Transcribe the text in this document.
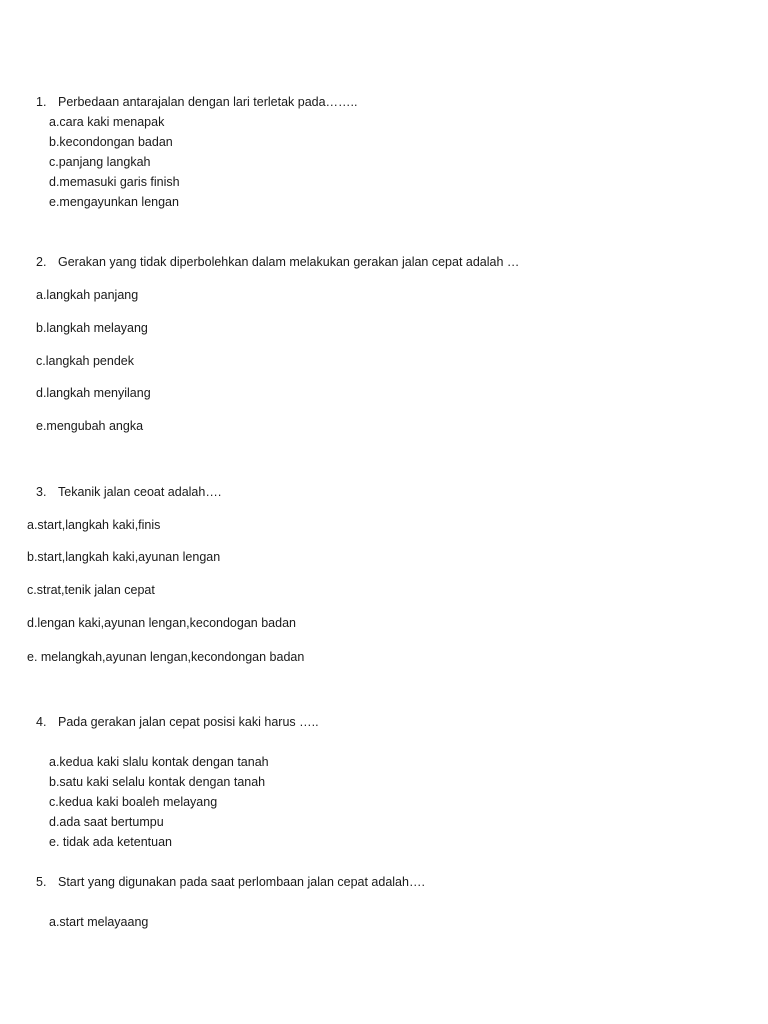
1. Perbedaan antarajalan dengan lari terletak pada……..
a.cara kaki menapak
b.kecondongan badan
c.panjang langkah
d.memasuki garis finish
e.mengayunkan lengan
2. Gerakan yang tidak diperbolehkan dalam melakukan gerakan jalan cepat adalah …
a.langkah panjang
b.langkah melayang
c.langkah pendek
d.langkah menyilang
e.mengubah angka
3. Tekanik jalan ceoat adalah….
a.start,langkah kaki,finis
b.start,langkah kaki,ayunan lengan
c.strat,tenik jalan cepat
d.lengan kaki,ayunan lengan,kecondogan badan
e. melangkah,ayunan lengan,kecondongan badan
4. Pada gerakan jalan cepat posisi kaki harus …..
a.kedua kaki slalu kontak dengan tanah
b.satu kaki selalu kontak dengan tanah
c.kedua kaki boaleh melayang
d.ada saat bertumpu
e. tidak ada ketentuan
5. Start yang digunakan pada saat perlombaan jalan cepat adalah….
a.start melayaang
